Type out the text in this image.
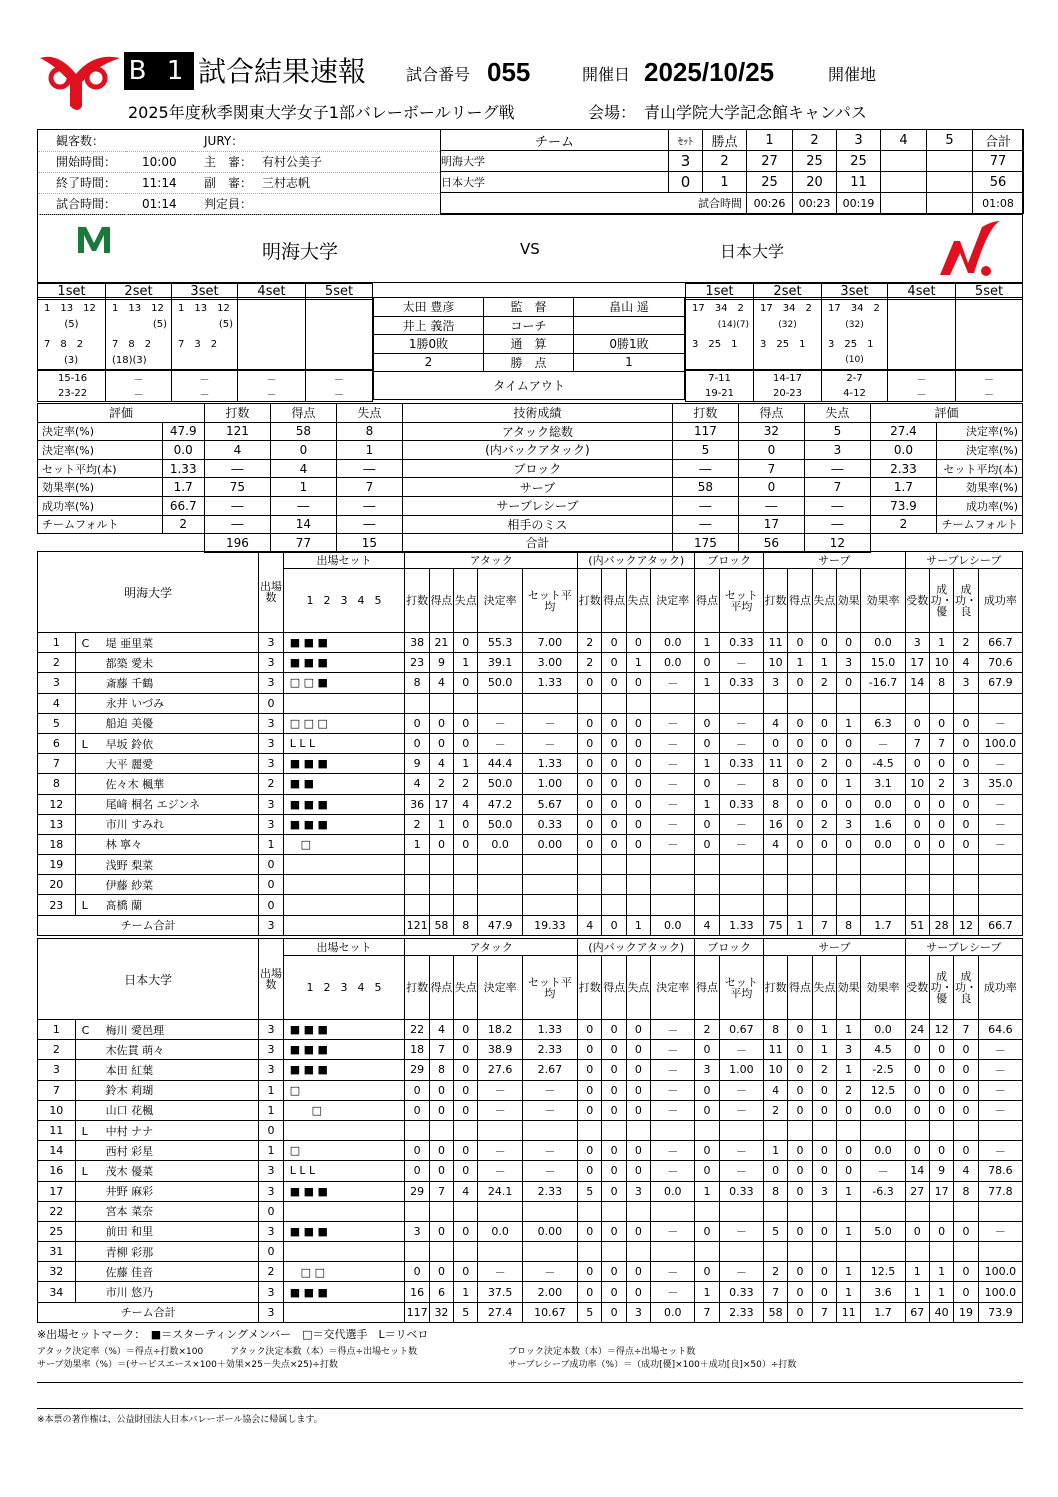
B 1 試合結果速報 試合番号 055	開催日 2025/10/25	開催地
2025年度秋季関東大学女子1部バレーボールリーグ戦	会場： 青山学院大学記念館キャンパス
観客数：		JURY：	
開始時間：	10:00	主　審：	有村公美子
終了時間：	11:14	副　審：	三村志帆
試合時間：	01:14	判定員：	
チーム	ｾｯﾄ	勝点	1	2	3	4	5	合計
明海大学	3	2	27	25	25			77
日本大学	0	1	25	20	11			56
試合時間			00:26	00:23	00:19			01:08
明海大学	VS	日本大学
1set	2set	3set	4set	5set
1　13　12	1　13　12	1　13　12		
(5)	(5)	(5)		
7　8　2	7　8　2	7　3　2		
(3)	(18)(3)			
15-16	－	－	－	－
23-22	－	－	－	－
太田 豊彦	監　督	畠山 遥
井上 義浩	コーチ	
1勝0敗	通　算	0勝1敗
2	勝　点	1
タイムアウト		
1set	2set	3set	4set	5set
17　34　2	17　34　2	17　34　2		
(14)(7)	(32)	(32)		
3　25　1	3　25　1	3　25　1		
		(10)		
7-11	14-17	2-7	－	－
19-21	20-23	4-12	－	－
評価		打数	得点	失点	技術成績	打数	得点	失点	評価	
決定率(%)	47.9	121	58	8	アタック総数	117	32	5	27.4	決定率(%)
決定率(%)	0.0	4	0	1	(内バックアタック)	5	0	3	0.0	決定率(%)
セット平均(本)	1.33	―	4	―	ブロック	―	7	―	2.33	セット平均(本)
効果率(%)	1.7	75	1	7	サーブ	58	0	7	1.7	効果率(%)
成功率(%)	66.7	―	―	―	サーブレシーブ	―	―	―	73.9	成功率(%)
チームフォルト	2	―	14	―	相手のミス	―	17	―	2	チームフォルト
		196	77	15	合計	175	56	12		
明海大学		出場数	出場セット	アタック					(内バックアタック)				ブロック		サーブ					サーブレシーブ			
			1 2 3 4 5	打数	得点	失点	決定率	セット平均	打数	得点	失点	決定率	得点	セット平均	打数	得点	失点	効果	効果率	受数	成功・優	成功・良	成功率
1	C 堤 亜里菜	3	■ ■ ■	38	21	0	55.3	7.00	2	0	0	0.0	1	0.33	11	0	0	0	0.0	3	1	2	66.7
2	都築 愛未	3	■ ■ ■	23	9	1	39.1	3.00	2	0	1	0.0	0	－	10	1	1	3	15.0	17	10	4	70.6
3	斎藤 千鶴	3	□ □ ■	8	4	0	50.0	1.33	0	0	0	－	1	0.33	3	0	2	0	-16.7	14	8	3	67.9
4	永井 いづみ	0																					
5	船迫 美優	3	□ □ □	0	0	0	－	－	0	0	0	－	0	－	4	0	0	1	6.3	0	0	0	－
6	L 早坂 鈴依	3	L L L	0	0	0	－	－	0	0	0	－	0	－	0	0	0	0	－	7	7	0	100.0
7	大平 麗愛	3	■ ■ ■	9	4	1	44.4	1.33	0	0	0	－	1	0.33	11	0	2	0	-4.5	0	0	0	－
8	佐々木 楓華	2	■ ■	4	2	2	50.0	1.00	0	0	0	－	0	－	8	0	0	1	3.1	10	2	3	35.0
12	尾﨑 桐名 エジンネ	3	■ ■ ■	36	17	4	47.2	5.67	0	0	0	－	1	0.33	8	0	0	0	0.0	0	0	0	－
13	市川 すみれ	3	■ ■ ■	2	1	0	50.0	0.33	0	0	0	－	0	－	16	0	2	3	1.6	0	0	0	－
18	林 寧々	1	　□	1	0	0	0.0	0.00	0	0	0	－	0	－	4	0	0	0	0.0	0	0	0	－
19	浅野 梨菜	0																					
20	伊藤 紗菜	0																					
23	L 髙橋 蘭	0																					
チーム合計		3		121	58	8	47.9	19.33	4	0	1	0.0	4	1.33	75	1	7	8	1.7	51	28	12	66.7
日本大学		出場数	出場セット	アタック					(内バックアタック)				ブロック		サーブ					サーブレシーブ			
			1 2 3 4 5	打数	得点	失点	決定率	セット平均	打数	得点	失点	決定率	得点	セット平均	打数	得点	失点	効果	効果率	受数	成功・優	成功・良	成功率
1	C 梅川 愛邑理	3	■ ■ ■	22	4	0	18.2	1.33	0	0	0	－	2	0.67	8	0	1	1	0.0	24	12	7	64.6
2	木佐貫 萌々	3	■ ■ ■	18	7	0	38.9	2.33	0	0	0	－	0	－	11	0	1	3	4.5	0	0	0	－
3	本田 紅葉	3	■ ■ ■	29	8	0	27.6	2.67	0	0	0	－	3	1.00	10	0	2	1	-2.5	0	0	0	－
7	鈴木 莉瑚	1	□	0	0	0	－	－	0	0	0	－	0	－	4	0	0	2	12.5	0	0	0	－
10	山口 花楓	1	　　□	0	0	0	－	－	0	0	0	－	0	－	2	0	0	0	0.0	0	0	0	－
11	L 中村 ナナ	0																					
14	西村 彩星	1	□	0	0	0	－	－	0	0	0	－	0	－	1	0	0	0	0.0	0	0	0	－
16	L 茂木 優菜	3	L L L	0	0	0	－	－	0	0	0	－	0	－	0	0	0	0	－	14	9	4	78.6
17	井野 麻彩	3	■ ■ ■	29	7	4	24.1	2.33	5	0	3	0.0	1	0.33	8	0	3	1	-6.3	27	17	8	77.8
22	宮本 菜奈	0																					
25	前田 和里	3	■ ■ ■	3	0	0	0.0	0.00	0	0	0	－	0	－	5	0	0	1	5.0	0	0	0	－
31	青柳 彩那	0																					
32	佐藤 佳音	2	　□ □	0	0	0	－	－	0	0	0	－	0	－	2	0	0	1	12.5	1	1	0	100.0
34	市川 悠乃	3	■ ■ ■	16	6	1	37.5	2.00	0	0	0	－	1	0.33	7	0	0	1	3.6	1	1	0	100.0
チーム合計		3		117	32	5	27.4	10.67	5	0	3	0.0	7	2.33	58	0	7	11	1.7	67	40	19	73.9
※出場セットマーク：　■＝スターティングメンバー　□＝交代選手　L＝リベロ
アタック決定率（%）＝得点÷打数×100　　　アタック決定本数（本）＝得点÷出場セット数	ブロック決定本数（本）＝得点÷出場セット数
サーブ効果率（%）＝(サービスエース×100＋効果×25－失点×25)÷打数	サーブレシーブ成功率（%）＝（成功[優]×100＋成功[良]×50）÷打数
※本票の著作権は、公益財団法人日本バレーボール協会に帰属します。
